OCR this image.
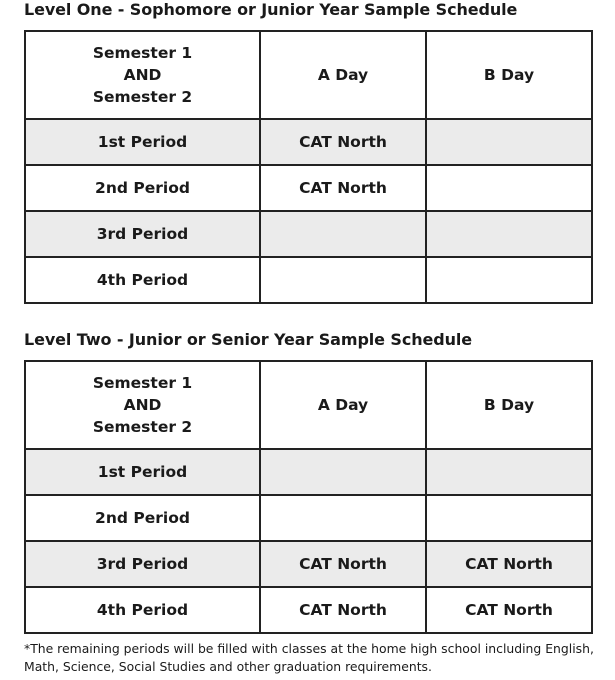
Level One - Sophomore or Junior Year Sample Schedule
Semester 1
AND
Semester 2	A Day	B Day
1st Period	CAT North	
2nd Period	CAT North	
3rd Period		
4th Period		
Level Two - Junior or Senior Year Sample Schedule
Semester 1
AND
Semester 2	A Day	B Day
1st Period		
2nd Period		
3rd Period	CAT North	CAT North
4th Period	CAT North	CAT North
*The remaining periods will be filled with classes at the home high school including English,
Math, Science, Social Studies and other graduation requirements.
